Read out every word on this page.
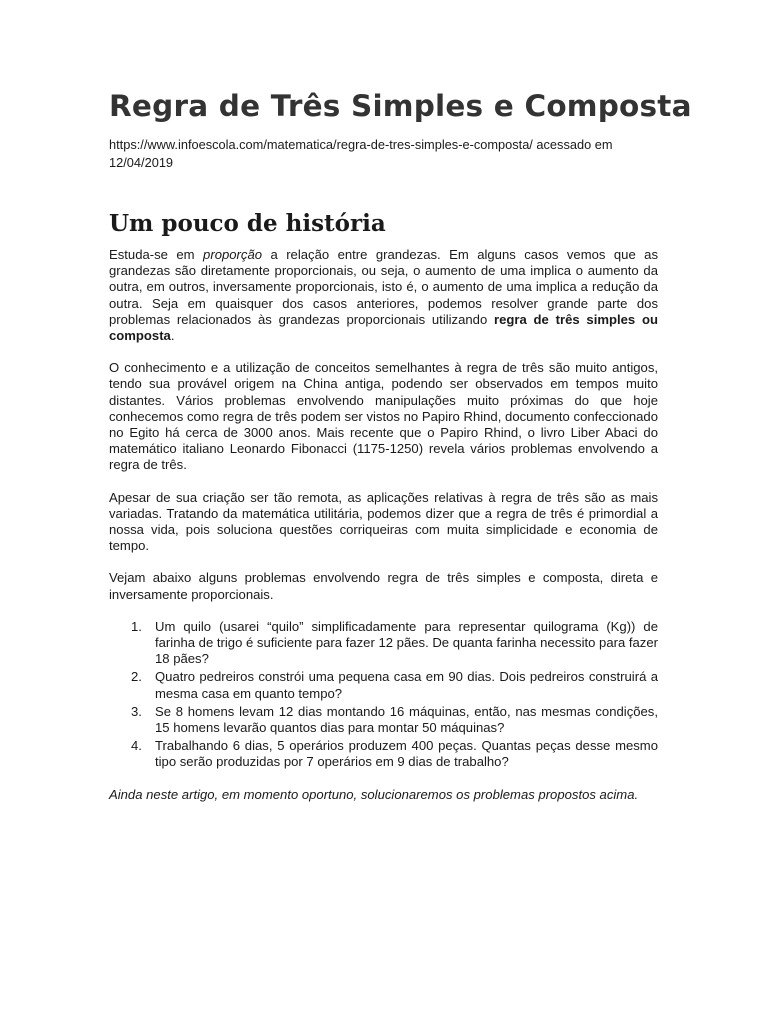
Regra de Três Simples e Composta

https://www.infoescola.com/matematica/regra-de-tres-simples-e-composta/ acessado em 12/04/2019

Um pouco de história

Estuda-se em proporção a relação entre grandezas. Em alguns casos vemos que as grandezas são diretamente proporcionais, ou seja, o aumento de uma implica o aumento da outra, em outros, inversamente proporcionais, isto é, o aumento de uma implica a redução da outra. Seja em quaisquer dos casos anteriores, podemos resolver grande parte dos problemas relacionados às grandezas proporcionais utilizando regra de três simples ou composta.

O conhecimento e a utilização de conceitos semelhantes à regra de três são muito antigos, tendo sua provável origem na China antiga, podendo ser observados em tempos muito distantes. Vários problemas envolvendo manipulações muito próximas do que hoje conhecemos como regra de três podem ser vistos no Papiro Rhind, documento confeccionado no Egito há cerca de 3000 anos. Mais recente que o Papiro Rhind, o livro Liber Abaci do matemático italiano Leonardo Fibonacci (1175-1250) revela vários problemas envolvendo a regra de três.

Apesar de sua criação ser tão remota, as aplicações relativas à regra de três são as mais variadas. Tratando da matemática utilitária, podemos dizer que a regra de três é primordial a nossa vida, pois soluciona questões corriqueiras com muita simplicidade e economia de tempo.

Vejam abaixo alguns problemas envolvendo regra de três simples e composta, direta e inversamente proporcionais.

1. Um quilo (usarei “quilo” simplificadamente para representar quilograma (Kg)) de farinha de trigo é suficiente para fazer 12 pães. De quanta farinha necessito para fazer 18 pães?
2. Quatro pedreiros constrói uma pequena casa em 90 dias. Dois pedreiros construirá a mesma casa em quanto tempo?
3. Se 8 homens levam 12 dias montando 16 máquinas, então, nas mesmas condições, 15 homens levarão quantos dias para montar 50 máquinas?
4. Trabalhando 6 dias, 5 operários produzem 400 peças. Quantas peças desse mesmo tipo serão produzidas por 7 operários em 9 dias de trabalho?

Ainda neste artigo, em momento oportuno, solucionaremos os problemas propostos acima.
